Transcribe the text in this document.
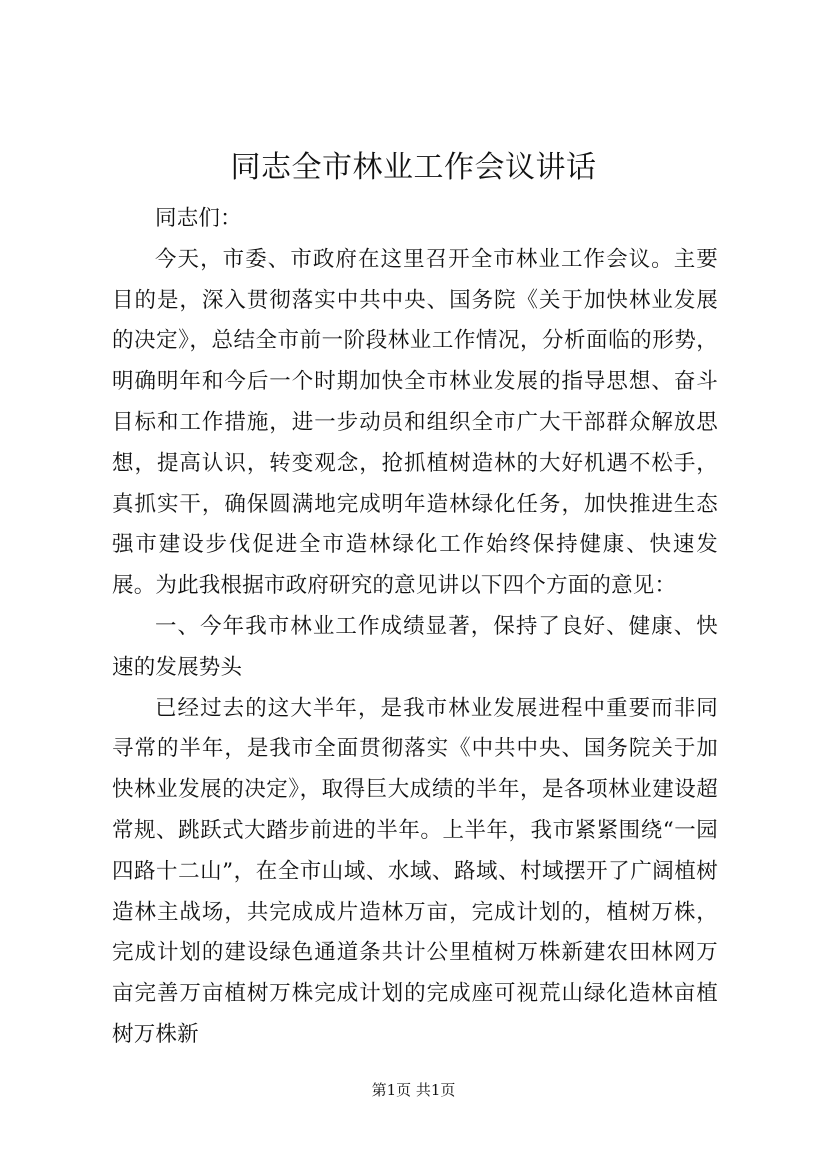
同志全市林业工作会议讲话

同志们：

今天，市委、市政府在这里召开全市林业工作会议。主要目的是，深入贯彻落实中共中央、国务院《关于加快林业发展的决定》，总结全市前一阶段林业工作情况，分析面临的形势，明确明年和今后一个时期加快全市林业发展的指导思想、奋斗目标和工作措施，进一步动员和组织全市广大干部群众解放思想，提高认识，转变观念，抢抓植树造林的大好机遇不松手，真抓实干，确保圆满地完成明年造林绿化任务，加快推进生态强市建设步伐促进全市造林绿化工作始终保持健康、快速发展。为此我根据市政府研究的意见讲以下四个方面的意见：

一、今年我市林业工作成绩显著，保持了良好、健康、快速的发展势头

已经过去的这大半年，是我市林业发展进程中重要而非同寻常的半年，是我市全面贯彻落实《中共中央、国务院关于加快林业发展的决定》，取得巨大成绩的半年，是各项林业建设超常规、跳跃式大踏步前进的半年。上半年，我市紧紧围绕“一园四路十二山”，在全市山域、水域、路域、村域摆开了广阔植树造林主战场，共完成成片造林万亩，完成计划的，植树万株，完成计划的建设绿色通道条共计公里植树万株新建农田林网万亩完善万亩植树万株完成计划的完成座可视荒山绿化造林亩植树万株新

第1页 共1页
